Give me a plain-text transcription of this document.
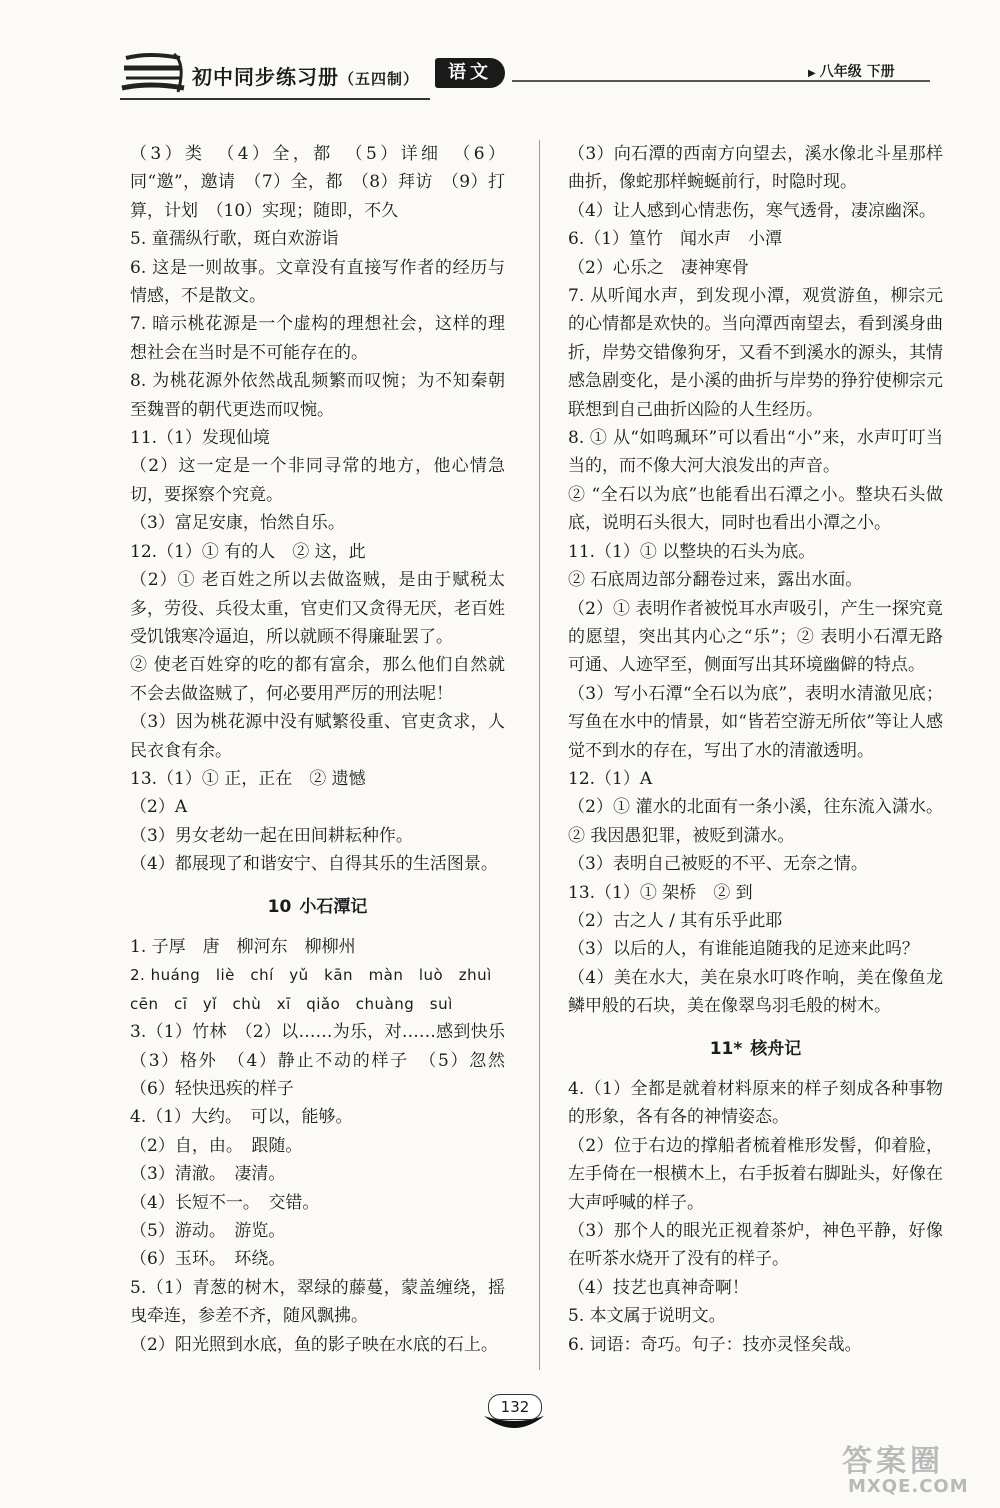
初中同步练习册（五四制）	语文	▶ 八年级 下册

（3）类　（4）全，都　（5）详细　（6）同“邀”，邀请　（7）全，都　（8）拜访　（9）打算，计划　（10）实现；随即，不久

5. 童孺纵行歌，斑白欢游诣

6. 这是一则故事。文章没有直接写作者的经历与情感，不是散文。

7. 暗示桃花源是一个虚构的理想社会，这样的理想社会在当时是不可能存在的。

8. 为桃花源外依然战乱频繁而叹惋；为不知秦朝至魏晋的朝代更迭而叹惋。

11.（1）发现仙境

（2）这一定是一个非同寻常的地方，他心情急切，要探察个究竟。

（3）富足安康，怡然自乐。

12.（1）① 有的人　② 这，此

（2）① 老百姓之所以去做盗贼，是由于赋税太多，劳役、兵役太重，官吏们又贪得无厌，老百姓受饥饿寒冷逼迫，所以就顾不得廉耻罢了。

② 使老百姓穿的吃的都有富余，那么他们自然就不会去做盗贼了，何必要用严厉的刑法呢！

（3）因为桃花源中没有赋繁役重、官吏贪求，人民衣食有余。

13.（1）① 正，正在　② 遗憾

（2）A

（3）男女老幼一起在田间耕耘种作。

（4）都展现了和谐安宁、自得其乐的生活图景。

10 小石潭记

1. 子厚　唐　柳河东　柳柳州

2. huáng　liè　chí　yǔ　kān　màn　luò　zhuì

cēn　cī　yǐ　chù　xī　qiǎo　chuàng　suì

3.（1）竹林　（2）以……为乐，对……感到快乐　（3）格外　（4）静止不动的样子　（5）忽然　（6）轻快迅疾的样子

4.（1）大约。　可以，能够。

（2）自，由。　跟随。

（3）清澈。　凄清。

（4）长短不一。　交错。

（5）游动。　游览。

（6）玉环。　环绕。

5.（1）青葱的树木，翠绿的藤蔓，蒙盖缠绕，摇曳牵连，参差不齐，随风飘拂。

（2）阳光照到水底，鱼的影子映在水底的石上。

（3）向石潭的西南方向望去，溪水像北斗星那样曲折，像蛇那样蜿蜒前行，时隐时现。

（4）让人感到心情悲伤，寒气透骨，凄凉幽深。

6.（1）篁竹　闻水声　小潭

（2）心乐之　凄神寒骨

7. 从听闻水声，到发现小潭，观赏游鱼，柳宗元的心情都是欢快的。当向潭西南望去，看到溪身曲折，岸势交错像狗牙，又看不到溪水的源头，其情感急剧变化，是小溪的曲折与岸势的狰狞使柳宗元联想到自己曲折凶险的人生经历。

8. ① 从“如鸣珮环”可以看出“小”来，水声叮叮当当的，而不像大河大浪发出的声音。

② “全石以为底”也能看出石潭之小。整块石头做底，说明石头很大，同时也看出小潭之小。

11.（1）① 以整块的石头为底。

② 石底周边部分翻卷过来，露出水面。

（2）① 表明作者被悦耳水声吸引，产生一探究竟的愿望，突出其内心之“乐”；② 表明小石潭无路可通、人迹罕至，侧面写出其环境幽僻的特点。

（3）写小石潭“全石以为底”，表明水清澈见底；写鱼在水中的情景，如“皆若空游无所依”等让人感觉不到水的存在，写出了水的清澈透明。

12.（1）A

（2）① 灌水的北面有一条小溪，往东流入潇水。② 我因愚犯罪，被贬到潇水。

（3）表明自己被贬的不平、无奈之情。

13.（1）① 架桥　② 到

（2）古之人 / 其有乐乎此耶

（3）以后的人，有谁能追随我的足迹来此吗？

（4）美在水大，美在泉水叮咚作响，美在像鱼龙鳞甲般的石块，美在像翠鸟羽毛般的树木。

11* 核舟记

4.（1）全都是就着材料原来的样子刻成各种事物的形象，各有各的神情姿态。

（2）位于右边的撑船者梳着椎形发髻，仰着脸，左手倚在一根横木上，右手扳着右脚趾头，好像在大声呼喊的样子。

（3）那个人的眼光正视着茶炉，神色平静，好像在听茶水烧开了没有的样子。

（4）技艺也真神奇啊！

5. 本文属于说明文。

6. 词语：奇巧。句子：技亦灵怪矣哉。

132
答案圈
MXQE.COM
